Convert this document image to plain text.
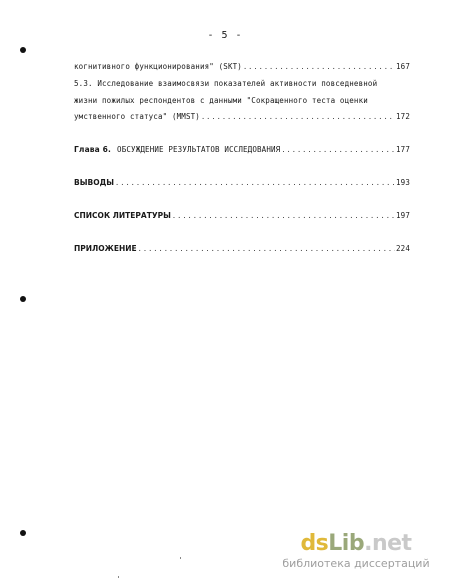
- 5 -
когнитивного функционирования" (SKT) .....	167
5.3. Исследование взаимосвязи показателей активности повседневной
жизни пожилых респондентов с данными "Сокращенного теста оценки
умственного статуса" (MMST) .....	172
Глава 6. ОБСУЖДЕНИЕ РЕЗУЛЬТАТОВ ИССЛЕДОВАНИЯ .....	177
ВЫВОДЫ .....	193
СПИСОК ЛИТЕРАТУРЫ .....	197
ПРИЛОЖЕНИЕ .....	224
dsLib.net
библиотека диссертаций
